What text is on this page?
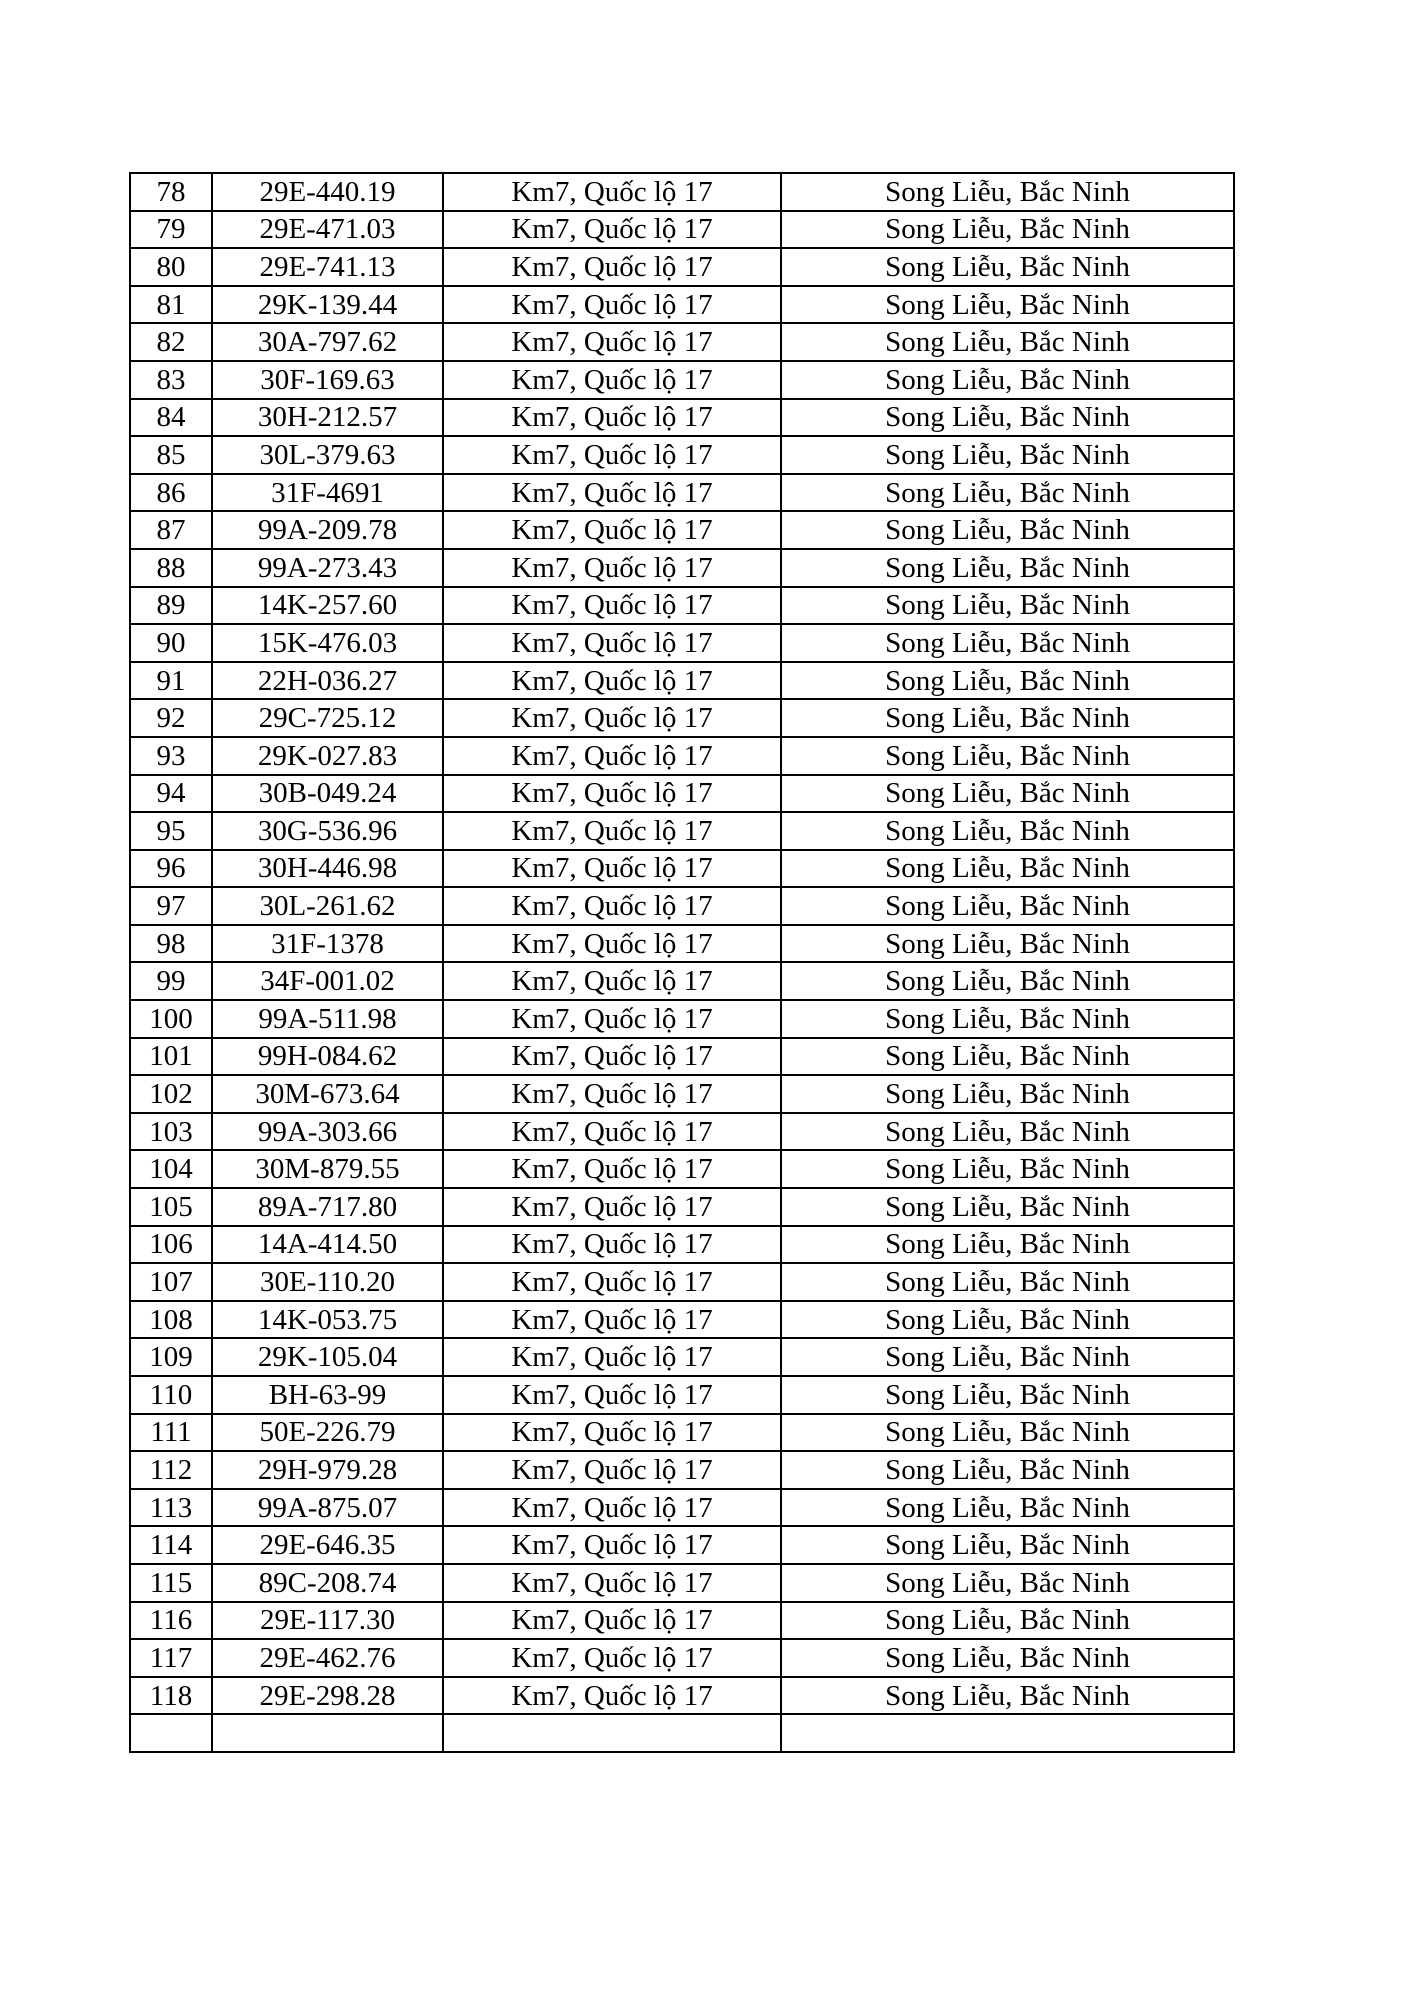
78	29E-440.19	Km7, Quốc lộ 17	Song Liễu, Bắc Ninh
79	29E-471.03	Km7, Quốc lộ 17	Song Liễu, Bắc Ninh
80	29E-741.13	Km7, Quốc lộ 17	Song Liễu, Bắc Ninh
81	29K-139.44	Km7, Quốc lộ 17	Song Liễu, Bắc Ninh
82	30A-797.62	Km7, Quốc lộ 17	Song Liễu, Bắc Ninh
83	30F-169.63	Km7, Quốc lộ 17	Song Liễu, Bắc Ninh
84	30H-212.57	Km7, Quốc lộ 17	Song Liễu, Bắc Ninh
85	30L-379.63	Km7, Quốc lộ 17	Song Liễu, Bắc Ninh
86	31F-4691	Km7, Quốc lộ 17	Song Liễu, Bắc Ninh
87	99A-209.78	Km7, Quốc lộ 17	Song Liễu, Bắc Ninh
88	99A-273.43	Km7, Quốc lộ 17	Song Liễu, Bắc Ninh
89	14K-257.60	Km7, Quốc lộ 17	Song Liễu, Bắc Ninh
90	15K-476.03	Km7, Quốc lộ 17	Song Liễu, Bắc Ninh
91	22H-036.27	Km7, Quốc lộ 17	Song Liễu, Bắc Ninh
92	29C-725.12	Km7, Quốc lộ 17	Song Liễu, Bắc Ninh
93	29K-027.83	Km7, Quốc lộ 17	Song Liễu, Bắc Ninh
94	30B-049.24	Km7, Quốc lộ 17	Song Liễu, Bắc Ninh
95	30G-536.96	Km7, Quốc lộ 17	Song Liễu, Bắc Ninh
96	30H-446.98	Km7, Quốc lộ 17	Song Liễu, Bắc Ninh
97	30L-261.62	Km7, Quốc lộ 17	Song Liễu, Bắc Ninh
98	31F-1378	Km7, Quốc lộ 17	Song Liễu, Bắc Ninh
99	34F-001.02	Km7, Quốc lộ 17	Song Liễu, Bắc Ninh
100	99A-511.98	Km7, Quốc lộ 17	Song Liễu, Bắc Ninh
101	99H-084.62	Km7, Quốc lộ 17	Song Liễu, Bắc Ninh
102	30M-673.64	Km7, Quốc lộ 17	Song Liễu, Bắc Ninh
103	99A-303.66	Km7, Quốc lộ 17	Song Liễu, Bắc Ninh
104	30M-879.55	Km7, Quốc lộ 17	Song Liễu, Bắc Ninh
105	89A-717.80	Km7, Quốc lộ 17	Song Liễu, Bắc Ninh
106	14A-414.50	Km7, Quốc lộ 17	Song Liễu, Bắc Ninh
107	30E-110.20	Km7, Quốc lộ 17	Song Liễu, Bắc Ninh
108	14K-053.75	Km7, Quốc lộ 17	Song Liễu, Bắc Ninh
109	29K-105.04	Km7, Quốc lộ 17	Song Liễu, Bắc Ninh
110	BH-63-99	Km7, Quốc lộ 17	Song Liễu, Bắc Ninh
111	50E-226.79	Km7, Quốc lộ 17	Song Liễu, Bắc Ninh
112	29H-979.28	Km7, Quốc lộ 17	Song Liễu, Bắc Ninh
113	99A-875.07	Km7, Quốc lộ 17	Song Liễu, Bắc Ninh
114	29E-646.35	Km7, Quốc lộ 17	Song Liễu, Bắc Ninh
115	89C-208.74	Km7, Quốc lộ 17	Song Liễu, Bắc Ninh
116	29E-117.30	Km7, Quốc lộ 17	Song Liễu, Bắc Ninh
117	29E-462.76	Km7, Quốc lộ 17	Song Liễu, Bắc Ninh
118	29E-298.28	Km7, Quốc lộ 17	Song Liễu, Bắc Ninh
